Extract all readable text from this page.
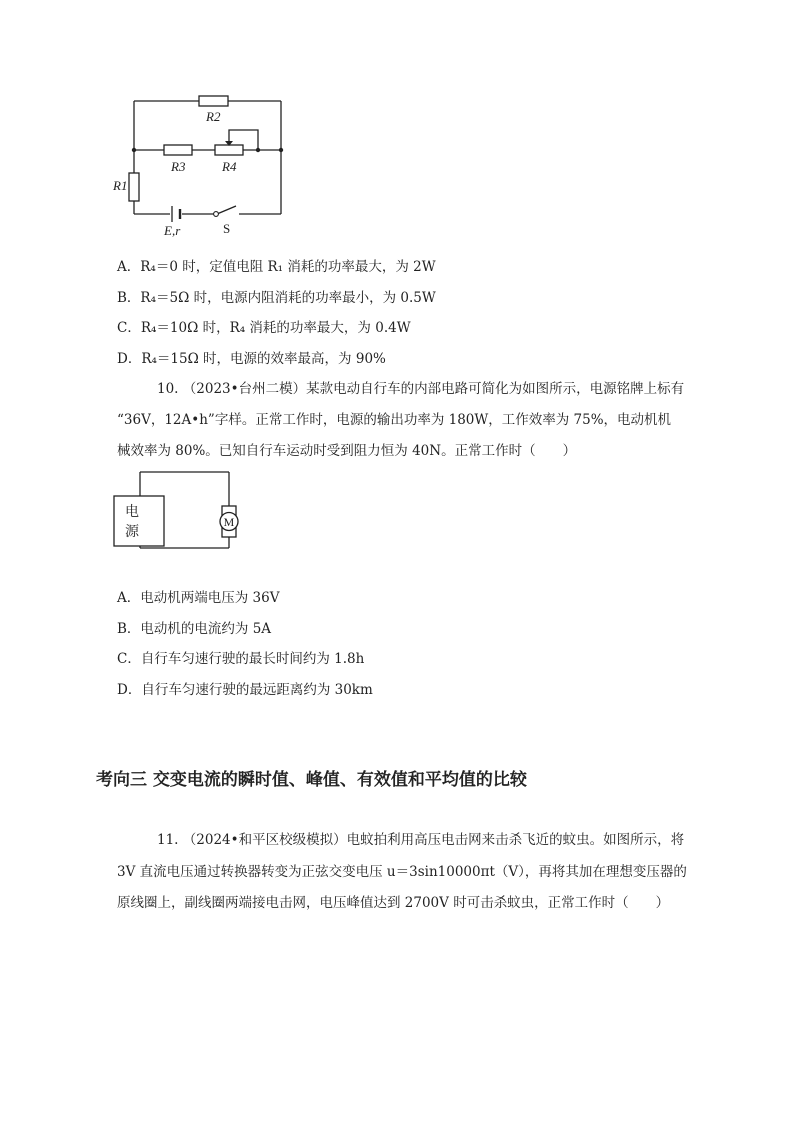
R2
R3	R4
R1
E,r	S
A．R₄＝0 时，定值电阻 R₁ 消耗的功率最大，为 2W
B．R₄＝5Ω 时，电源内阻消耗的功率最小，为 0.5W
C．R₄＝10Ω 时，R₄ 消耗的功率最大，为 0.4W
D．R₄＝15Ω 时，电源的效率最高，为 90%
10. （2023•台州二模）某款电动自行车的内部电路可简化为如图所示，电源铭牌上标有
“36V，12A•h”字样。正常工作时，电源的输出功率为 180W，工作效率为 75%，电动机机
械效率为 80%。已知自行车运动时受到阻力恒为 40N。正常工作时（　　）
电
源
M
A．电动机两端电压为 36V
B．电动机的电流约为 5A
C．自行车匀速行驶的最长时间约为 1.8h
D．自行车匀速行驶的最远距离约为 30km
考向三 交变电流的瞬时值、峰值、有效值和平均值的比较
11. （2024•和平区校级模拟）电蚊拍利用高压电击网来击杀飞近的蚊虫。如图所示，将
3V 直流电压通过转换器转变为正弦交变电压 u＝3sin10000πt（V），再将其加在理想变压器的
原线圈上，副线圈两端接电击网，电压峰值达到 2700V 时可击杀蚊虫，正常工作时（　　）
